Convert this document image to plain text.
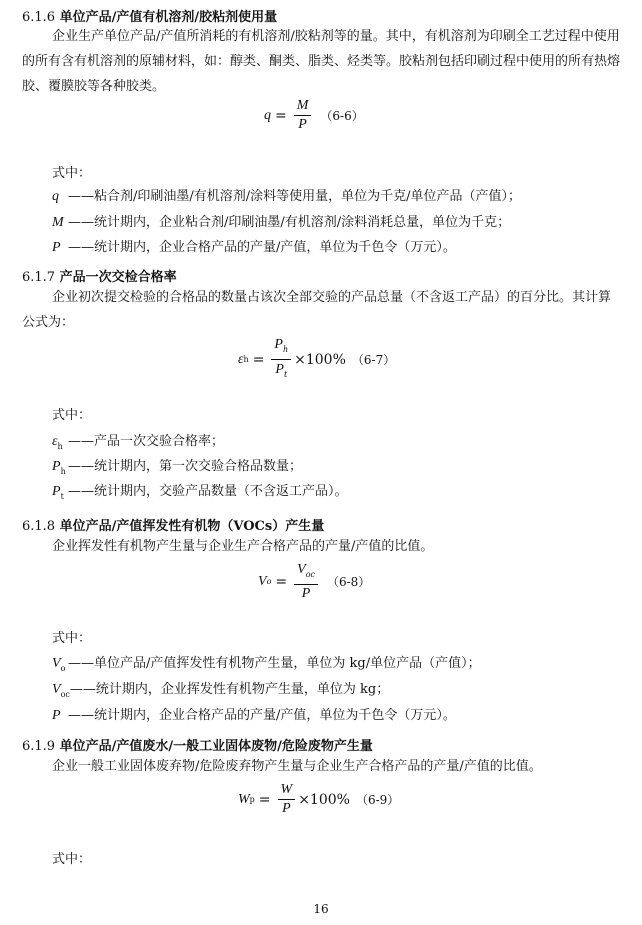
6.1.6 单位产品/产值有机溶剂/胶粘剂使用量
企业生产单位产品/产值所消耗的有机溶剂/胶粘剂等的量。其中，有机溶剂为印刷全工艺过程中使用的所有含有机溶剂的原辅材料，如：醇类、酮类、脂类、烃类等。胶粘剂包括印刷过程中使用的所有热熔胶、覆膜胶等各种胶类。
$q = \frac{M}{P} (6-6)$
式中：
q ——粘合剂/印刷油墨/有机溶剂/涂料等使用量，单位为千克/单位产品（产值）；
M ——统计期内，企业粘合剂/印刷油墨/有机溶剂/涂料消耗总量，单位为千克；
P ——统计期内，企业合格产品的产量/产值，单位为千色令（万元）。
6.1.7 产品一次交检合格率
企业初次提交检验的合格品的数量占该次全部交验的产品总量（不含返工产品）的百分比。其计算公式为：
ε $h = \frac{P_h}{P_t} \times 100\%$ （6-7）
式中：
$\varepsilon_h$ ——产品一次交验合格率；
$P_h$ ——统计期内，第一次交验合格品数量；
$P_t$ ——统计期内，交验产品数量（不含返工产品）。
6.1.8 单位产品/产值挥发性有机物（VOCs）产生量
企业挥发性有机物产生量与企业生产合格产品的产量/产值的比值。
V $o = \frac{V_{oc}}{P} (6-8)$
式中：
$V_o$ ——单位产品/产值挥发性有机物产生量，单位为 kg/单位产品（产值）；
$V_{oc}——$统计期内，企业挥发性有机物产生量，单位为 kg；
P ——统计期内，企业合格产品的产量/产值，单位为千色令（万元）。
6.1.9 单位产品/产值废水/一般工业固体废物/危险废物产生量
企业一般工业固体废弃物/危险废弃物产生量与企业生产合格产品的产量/产值的比值。
W $p = \frac{W}{P} \times 100\%$ （6-9）
式中：
16
